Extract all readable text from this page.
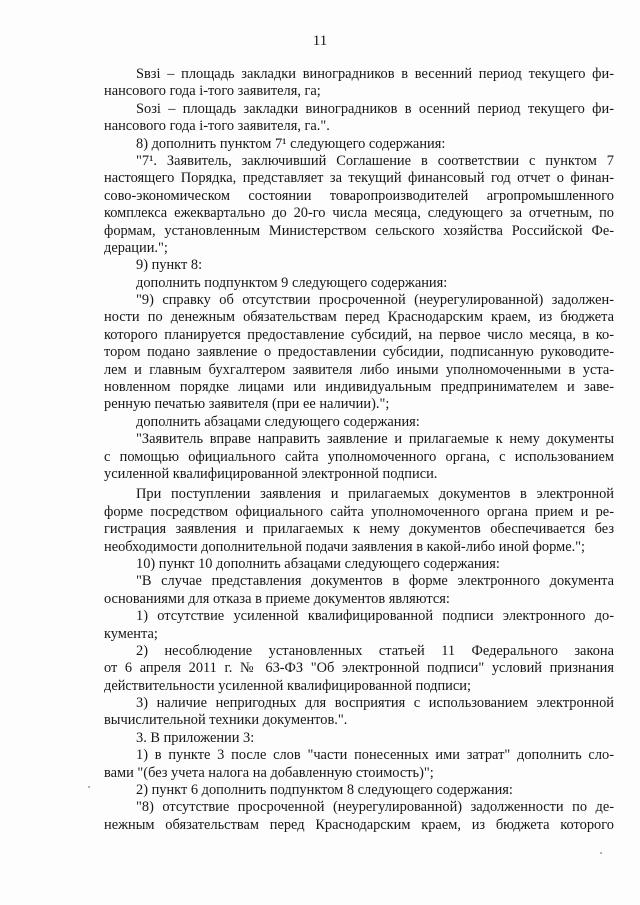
11
Sвзi – площадь закладки виноградников в весенний период текущего фи-
нансового года i-того заявителя, га;
Sозi – площадь закладки виноградников в осенний период текущего фи-
нансового года i-того заявителя, га.".
8) дополнить пунктом 7¹ следующего содержания:
"7¹. Заявитель, заключивший Соглашение в соответствии с пунктом 7
настоящего Порядка, представляет за текущий финансовый год отчет о финан-
сово-экономическом состоянии товаропроизводителей агропромышленного
комплекса ежеквартально до 20-го числа месяца, следующего за отчетным, по
формам, установленным Министерством сельского хозяйства Российской Фе-
дерации.";
9) пункт 8:
дополнить подпунктом 9 следующего содержания:
"9) справку об отсутствии просроченной (неурегулированной) задолжен-
ности по денежным обязательствам перед Краснодарским краем, из бюджета
которого планируется предоставление субсидий, на первое число месяца, в ко-
тором подано заявление о предоставлении субсидии, подписанную руководите-
лем и главным бухгалтером заявителя либо иными уполномоченными в уста-
новленном порядке лицами или индивидуальным предпринимателем и заве-
ренную печатью заявителя (при ее наличии).";
дополнить абзацами следующего содержания:
"Заявитель вправе направить заявление и прилагаемые к нему документы
с помощью официального сайта уполномоченного органа, с использованием
усиленной квалифицированной электронной подписи.
При поступлении заявления и прилагаемых документов в электронной
форме посредством официального сайта уполномоченного органа прием и ре-
гистрация заявления и прилагаемых к нему документов обеспечивается без
необходимости дополнительной подачи заявления в какой-либо иной форме.";
10) пункт 10 дополнить абзацами следующего содержания:
"В случае представления документов в форме электронного документа
основаниями для отказа в приеме документов являются:
1) отсутствие усиленной квалифицированной подписи электронного до-
кумента;
2) несоблюдение установленных статьей 11 Федерального закона
от 6 апреля 2011 г. № 63-ФЗ "Об электронной подписи" условий признания
действительности усиленной квалифицированной подписи;
3) наличие непригодных для восприятия с использованием электронной
вычислительной техники документов.".
3. В приложении 3:
1) в пункте 3 после слов "части понесенных ими затрат" дополнить сло-
вами "(без учета налога на добавленную стоимость)";
2) пункт 6 дополнить подпунктом 8 следующего содержания:
"8) отсутствие просроченной (неурегулированной) задолженности по де-
нежным обязательствам перед Краснодарским краем, из бюджета которого
